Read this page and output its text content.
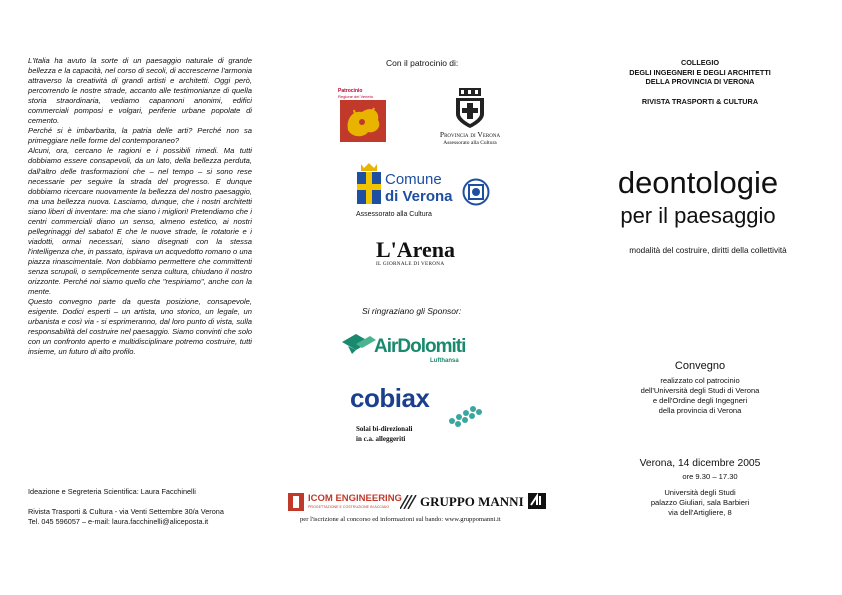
L'Italia ha avuto la sorte di un paesaggio naturale di grande bellezza e la capacità, nel corso di secoli, di accrescerne l'armonia attraverso la creatività di grandi artisti e architetti. Oggi però, percorrendo le nostre strade, accanto alle testimonianze di quella storia straordinaria, vediamo capannoni anonimi, edifici commerciali pomposi e volgari, periferie urbane popolate di cemento.

Perché si è imbarbarita, la patria delle arti? Perché non sa primeggiare nelle forme del contemporaneo?

Alcuni, ora, cercano le ragioni e i possibili rimedi. Ma tutti dobbiamo essere consapevoli, da un lato, della bellezza perduta, dall'altro delle trasformazioni che – nel tempo – si sono rese necessarie per seguire la strada del progresso. E dunque dobbiamo ricercare nuovamente la bellezza del nostro paesaggio, ma una bellezza nuova. Lasciamo, dunque, che i nostri architetti siano liberi di inventare: ma che siano i migliori! Pretendiamo che i centri commerciali diano un senso, almeno estetico, ai nostri pellegrinaggi del sabato! E che le nuove strade, le rotatorie e i viadotti, ormai necessari, siano disegnati con la stessa l'intelligenza che, in passato, ispirava un acquedotto romano o una piazza rinascimentale. Non dobbiamo permettere che committenti senza scrupoli, o semplicemente senza cultura, chiudano il nostro orizzonte. Perché noi siamo quello che "respiriamo", anche con la mente.

Questo convegno parte da questa posizione, consapevole, esigente. Dodici esperti – un artista, uno storico, un legale, un urbanista e così via - si esprimeranno, dal loro punto di vista, sulla responsabilità del costruire nel paesaggio. Siamo convinti che solo con un confronto aperto e multidisciplinare potremo costruire, tutti insieme, un futuro di alto profilo.

Ideazione e Segreteria Scientifica: Laura Facchinelli
Rivista Trasporti & Cultura - via Venti Settembre 30/a Verona
Tel. 045 596057 – e-mail: laura.facchinelli@aliceposta.it
Con il patrocinio di:
Patrocinio
Regione del Veneto
Provincia di Verona
Assessorato alla Cultura
Comune
di Verona
Assessorato alla Cultura
L'Arena
IL GIORNALE DI VERONA
Si ringraziano gli Sponsor:
AirDolomiti
Lufthansa
cobiax
Solai bi-direzionali
in c.a. alleggeriti
ICOM ENGINEERING
PROGETTAZIONE E COSTRUZIONE IN ACCIAIO GRUPPO MANNI
per l'iscrizione al concorso ed informazioni sul bando: www.gruppomanni.it
COLLEGIO
DEGLI INGEGNERI E DEGLI ARCHITETTI
DELLA PROVINCIA DI VERONA
RIVISTA TRASPORTI & CULTURA
deontologie
per il paesaggio
modalità del costruire, diritti della collettività
Convegno
realizzato col patrocinio
dell'Università degli Studi di Verona
e dell'Ordine degli Ingegneri
della provincia di Verona
Verona, 14 dicembre 2005
ore 9.30 – 17.30
Università degli Studi
palazzo Giuliari, sala Barbieri
via dell'Artigliere, 8
